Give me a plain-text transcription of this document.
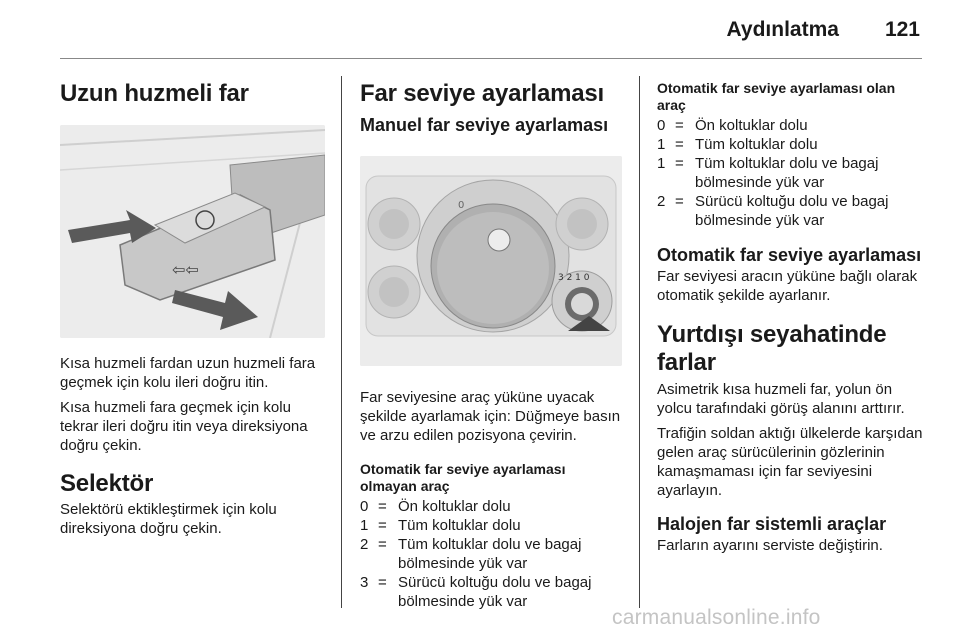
Aydınlatma 121
Uzun huzmeli far
⇦⇦

Kısa huzmeli fardan uzun huzmeli fara geçmek için kolu ileri doğru itin.

Kısa huzmeli fara geçmek için kolu tekrar ileri doğru itin veya direksiyona doğru çekin.

Selektör

Selektörü ektikleştirmek için kolu direksiyona doğru çekin.

Far seviye ayarlaması
Manuel far seviye ayarlaması
0
3 2 1 0

Far seviyesine araç yüküne uyacak şekilde ayarlamak için: Düğmeye basın ve arzu edilen pozisyona çevirin.

Otomatik far seviye ayarlaması olmayan araç
0 = Ön koltuklar dolu
1 = Tüm koltuklar dolu
2 = Tüm koltuklar dolu ve bagaj bölmesinde yük var
3 = Sürücü koltuğu dolu ve bagaj bölmesinde yük var
Otomatik far seviye ayarlaması olan araç
0 = Ön koltuklar dolu
1 = Tüm koltuklar dolu
1 = Tüm koltuklar dolu ve bagaj bölmesinde yük var
2 = Sürücü koltuğu dolu ve bagaj bölmesinde yük var
Otomatik far seviye ayarlaması

Far seviyesi aracın yüküne bağlı olarak otomatik şekilde ayarlanır.

Yurtdışı seyahatinde farlar

Asimetrik kısa huzmeli far, yolun ön yolcu tarafındaki görüş alanını arttırır.

Trafiğin soldan aktığı ülkelerde karşıdan gelen araç sürücülerinin gözlerinin kamaşmaması için far seviyesini ayarlayın.

Halojen far sistemli araçlar

Farların ayarını serviste değiştirin.

carmanualsonline.info
